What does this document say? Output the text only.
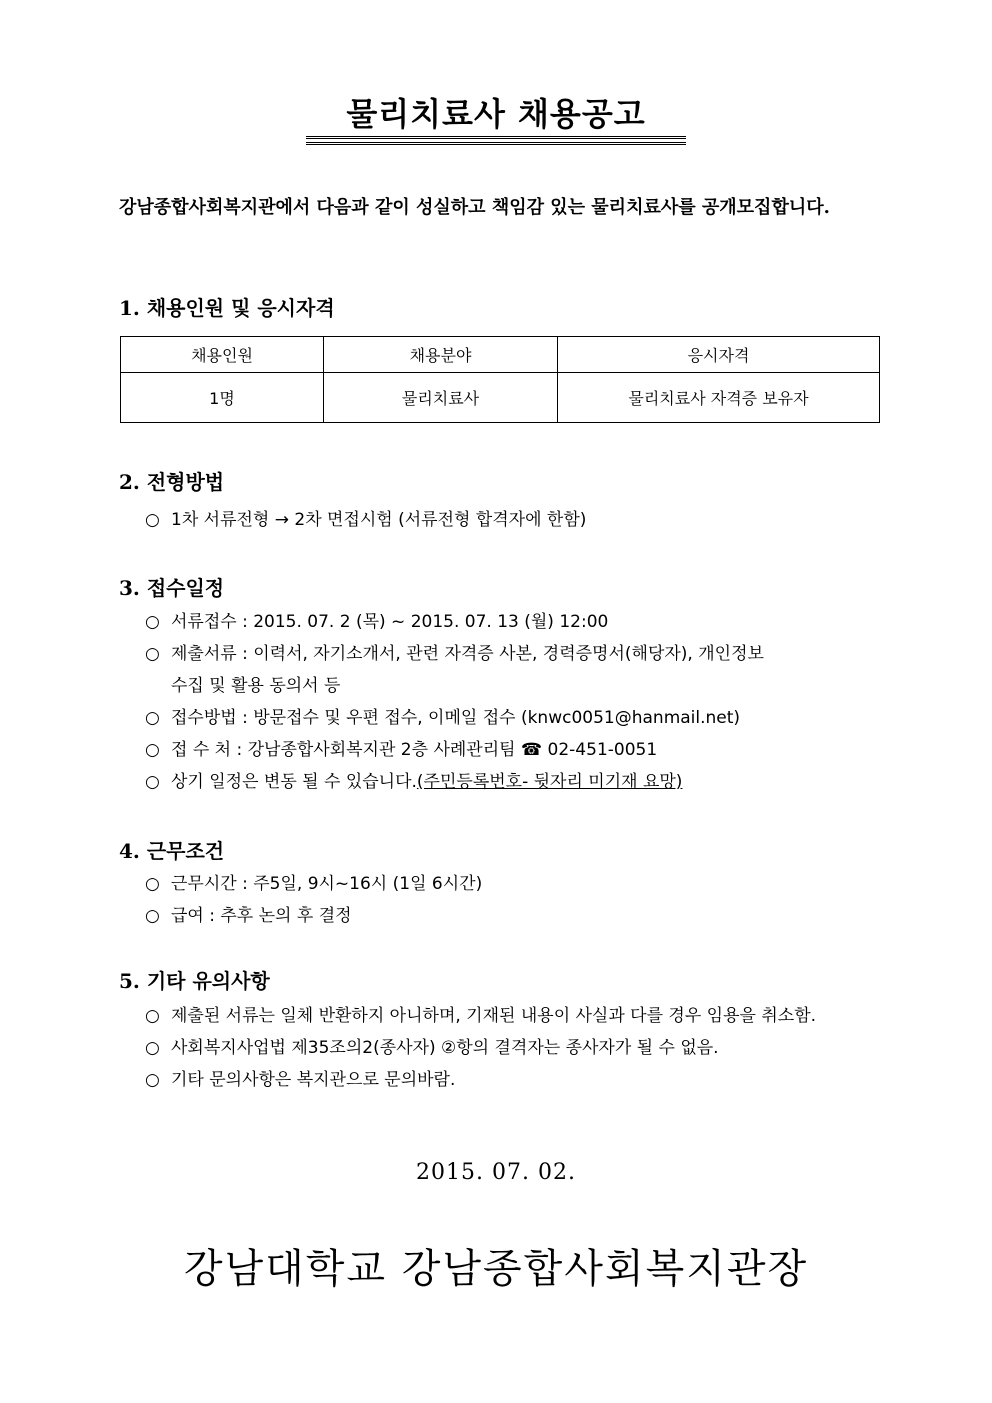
물리치료사 채용공고
강남종합사회복지관에서 다음과 같이 성실하고 책임감 있는 물리치료사를 공개모집합니다.
1. 채용인원 및 응시자격
채용인원	채용분야	응시자격
1명	물리치료사	물리치료사 자격증 보유자
2. 전형방법
○ 1차 서류전형 → 2차 면접시험 (서류전형 합격자에 한함)
3. 접수일정
○ 서류접수 : 2015. 07. 2 (목) ~ 2015. 07. 13 (월) 12:00
○ 제출서류 : 이력서, 자기소개서, 관련 자격증 사본, 경력증명서(해당자), 개인정보
수집 및 활용 동의서 등
○ 접수방법 : 방문접수 및 우편 접수, 이메일 접수 (knwc0051@hanmail.net)
○ 접 수 처 : 강남종합사회복지관 2층 사례관리팀 ☎ 02-451-0051
○ 상기 일정은 변동 될 수 있습니다.(주민등록번호- 뒷자리 미기재 요망)
4. 근무조건
○ 근무시간 : 주5일, 9시~16시 (1일 6시간)
○ 급여 : 추후 논의 후 결정
5. 기타 유의사항
○ 제출된 서류는 일체 반환하지 아니하며, 기재된 내용이 사실과 다를 경우 임용을 취소함.
○ 사회복지사업법 제35조의2(종사자) ②항의 결격자는 종사자가 될 수 없음.
○ 기타 문의사항은 복지관으로 문의바람.
2015. 07. 02.
강남대학교 강남종합사회복지관장
